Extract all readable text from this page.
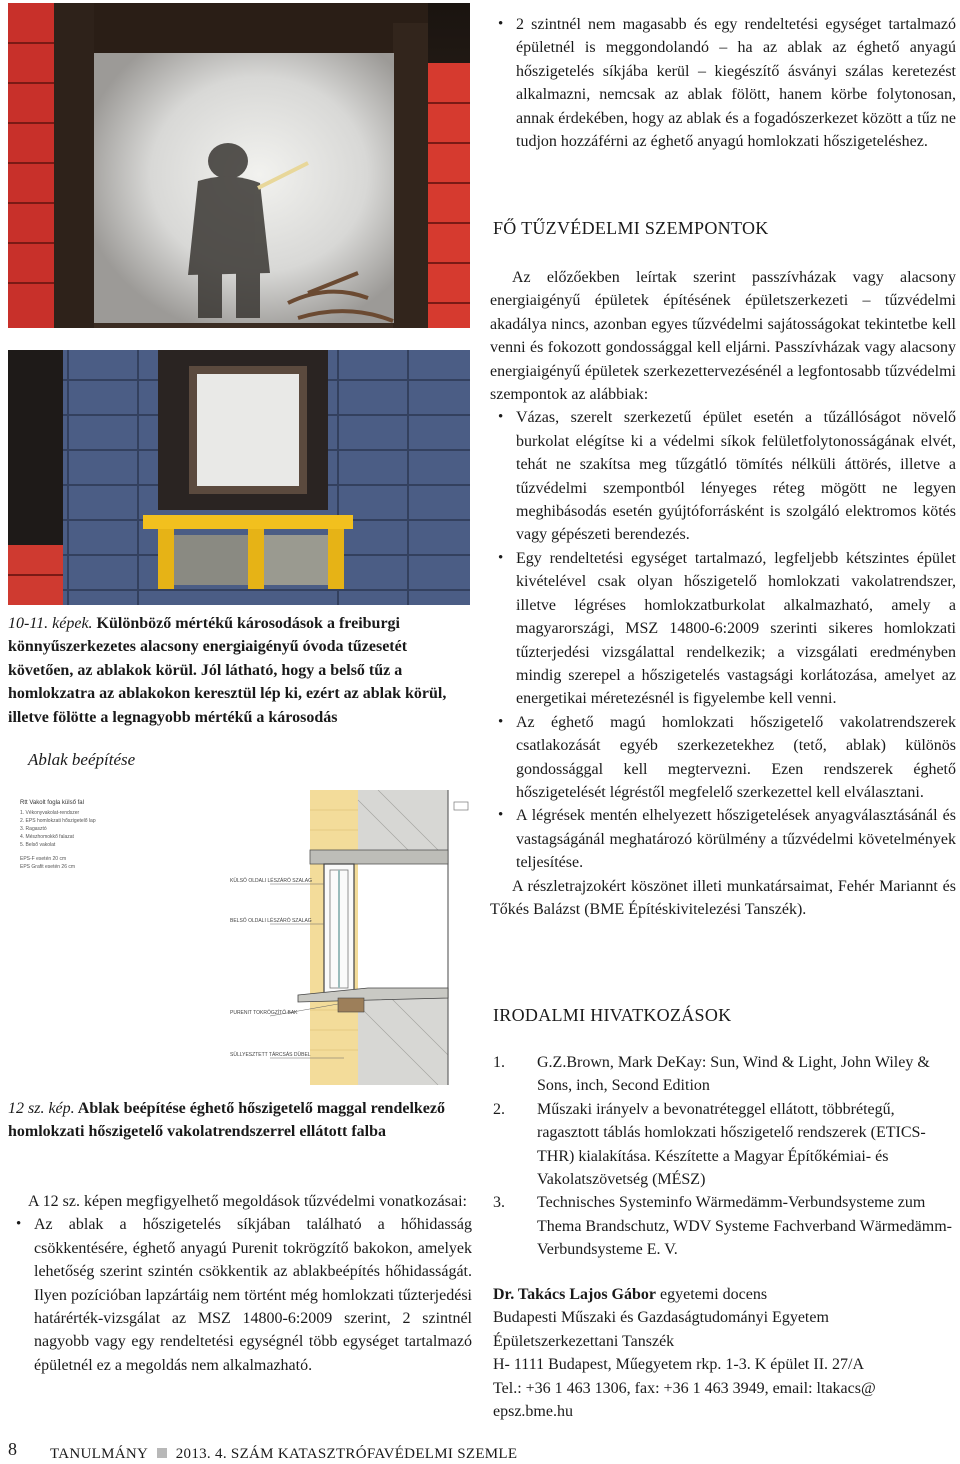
10-11. képek. Különböző mértékű károsodások a freiburgi könnyűszerkezetes alacsony energiaigényű óvoda tűzesetét követően, az ablakok körül. Jól látható, hogy a belső tűz a homlokzatra az ablakokon keresztül lép ki, ezért az ablak körül, illetve fölötte a legnagyobb mértékű a károsodás

Ablak beépítése
Rtt Vakolt fogla külső fal
1. Vékonyvakolat-rendszer
2. EPS homlokzati hőszigetelő lap
3. Ragasztó
4. Mészhomokkő falazat
5. Belső vakolat
EPS-F esetén 20 cm
EPS Grafit esetén 26 cm
KÜLSŐ OLDALI LÉSZÁRÓ SZALAG
BELSŐ OLDALI LÉSZÁRÓ SZALAG
PURENIT TOKRÖGZÍTŐ BAK
SÜLLYESZTETT TÁRCSÁS DÜBEL

12 sz. kép. Ablak beépítése éghető hőszigetelő maggal rendelkező homlokzati hőszigetelő vakolatrendszerrel ellátott falba

A 12 sz. képen megfigyelhető megoldások tűzvédelmi vonatkozásai:

• Az ablak a hőszigetelés síkjában található a hőhidasság csökkentésére, éghető anyagú Purenit tokrögzítő bakokon, amelyek lehetőség szerint szintén csökkentik az ablakbeépítés hőhidasságát. Ilyen pozícióban lapzártáig nem történt még homlokzati tűzterjedési határérték-vizsgálat az MSZ 14800-6:2009 szerint, 2 szintnél nagyobb vagy egy rendeltetési egységnél több egységet tartalmazó épületnél ez a megoldás nem alkalmazható.
• 2 szintnél nem magasabb és egy rendeltetési egységet tartalmazó épületnél is meggondolandó – ha az ablak az éghető anyagú hőszigetelés síkjába kerül – kiegészítő ásványi szálas keretezést alkalmazni, nemcsak az ablak fölött, hanem körbe folytonosan, annak érdekében, hogy az ablak és a fogadószerkezet között a tűz ne tudjon hozzáférni az éghető anyagú homlokzati hőszigeteléshez.
FŐ TŰZVÉDELMI SZEMPONTOK

Az előzőekben leírtak szerint passzívházak vagy alacsony energiaigényű épületek építésének épületszerkezeti – tűzvédelmi akadálya nincs, azonban egyes tűzvédelmi sajátosságokat tekintetbe kell venni és fokozott gondossággal kell eljárni. Passzívházak vagy alacsony energiaigényű épületek szerkezettervezésénél a legfontosabb tűzvédelmi szempontok az alábbiak:

• Vázas, szerelt szerkezetű épület esetén a tűzállóságot növelő burkolat elégítse ki a védelmi síkok felületfolytonosságának elvét, tehát ne szakítsa meg tűzgátló tömítés nélküli áttörés, illetve a tűzvédelmi szempontból lényeges réteg mögött ne legyen meghibásodás esetén gyújtóforrásként is szolgáló elektromos kötés vagy gépészeti berendezés.
• Egy rendeltetési egységet tartalmazó, legfeljebb kétszintes épület kivételével csak olyan hőszigetelő homlokzati vakolatrendszer, illetve légréses homlokzatburkolat alkalmazható, amely a magyarországi, MSZ 14800-6:2009 szerinti sikeres homlokzati tűzterjedési vizsgálattal rendelkezik; a vizsgálati eredményben mindig szerepel a hőszigetelés vastagsági korlátozása, amelyet az energetikai méretezésnél is figyelembe kell venni.
• Az éghető magú homlokzati hőszigetelő vakolatrendszerek csatlakozását egyéb szerkezetekhez (tető, ablak) különös gondossággal kell megtervezni. Ezen rendszerek éghető hőszigetelését légréstől megfelelő szerkezettel kell elválasztani.
• A légrések mentén elhelyezett hőszigetelések anyagválasztásánál és vastagságánál meghatározó körülmény a tűzvédelmi követelmények teljesítése.

A részletrajzokért köszönet illeti munkatársaimat, Fehér Mariannt és Tőkés Balázst (BME Építéskivitelezési Tanszék).

IRODALMI HIVATKOZÁSOK
1. G.Z.Brown, Mark DeKay: Sun, Wind & Light, John Wiley & Sons, inch, Second Edition
2. Műszaki irányelv a bevonatréteggel ellátott, többrétegű, ragasztott táblás homlokzati hőszigetelő rendszerek (ETICS-THR) kialakítása. Készítette a Magyar Építőkémiai- és Vakolatszövetség (MÉSZ)
3. Technisches Systeminfo Wärmedämm-Verbundsysteme zum Thema Brandschutz, WDV Systeme Fachverband Wärmedämm- Verbundsysteme E. V.

Dr. Takács Lajos Gábor egyetemi docens

Budapesti Műszaki és Gazdaságtudományi Egyetem

Épületszerkezettani Tanszék

H- 1111 Budapest, Műegyetem rkp. 1-3. K épület II. 27/A

Tel.: +36 1 463 1306, fax: +36 1 463 3949, email: ltakacs@

epsz.bme.hu

8 TANULMÁNY 2013. 4. SZÁM KATASZTRÓFAVÉDELMI SZEMLE
